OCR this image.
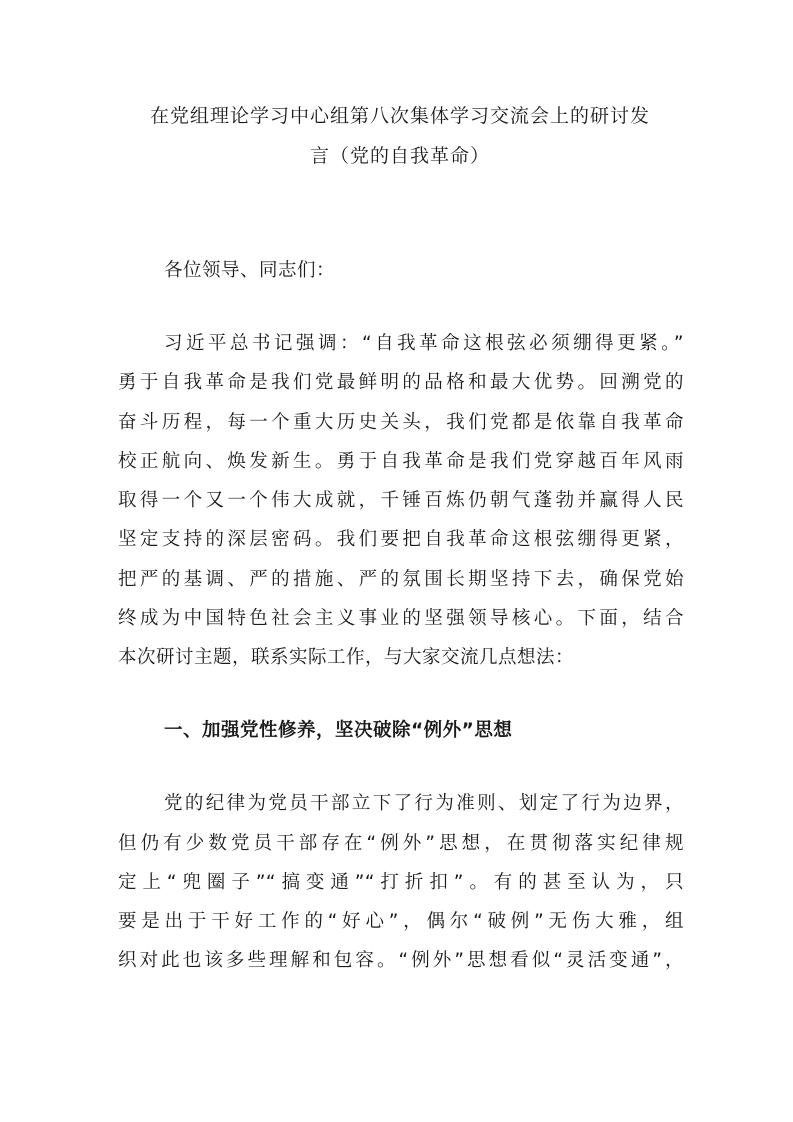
在党组理论学习中心组第八次集体学习交流会上的研讨发
言（党的自我革命）
各位领导、同志们：
习近平总书记强调：“自我革命这根弦必须绷得更紧。”
勇于自我革命是我们党最鲜明的品格和最大优势。回溯党的
奋斗历程，每一个重大历史关头，我们党都是依靠自我革命
校正航向、焕发新生。勇于自我革命是我们党穿越百年风雨
取得一个又一个伟大成就，千锤百炼仍朝气蓬勃并赢得人民
坚定支持的深层密码。我们要把自我革命这根弦绷得更紧，
把严的基调、严的措施、严的氛围长期坚持下去，确保党始
终成为中国特色社会主义事业的坚强领导核心。下面，结合
本次研讨主题，联系实际工作，与大家交流几点想法：
一、加强党性修养，坚决破除“例外”思想
党的纪律为党员干部立下了行为准则、划定了行为边界，
但仍有少数党员干部存在“例外”思想，在贯彻落实纪律规
定上“兜圈子”“搞变通”“打折扣”。有的甚至认为，只
要是出于干好工作的“好心”，偶尔“破例”无伤大雅，组
织对此也该多些理解和包容。“例外”思想看似“灵活变通”，
